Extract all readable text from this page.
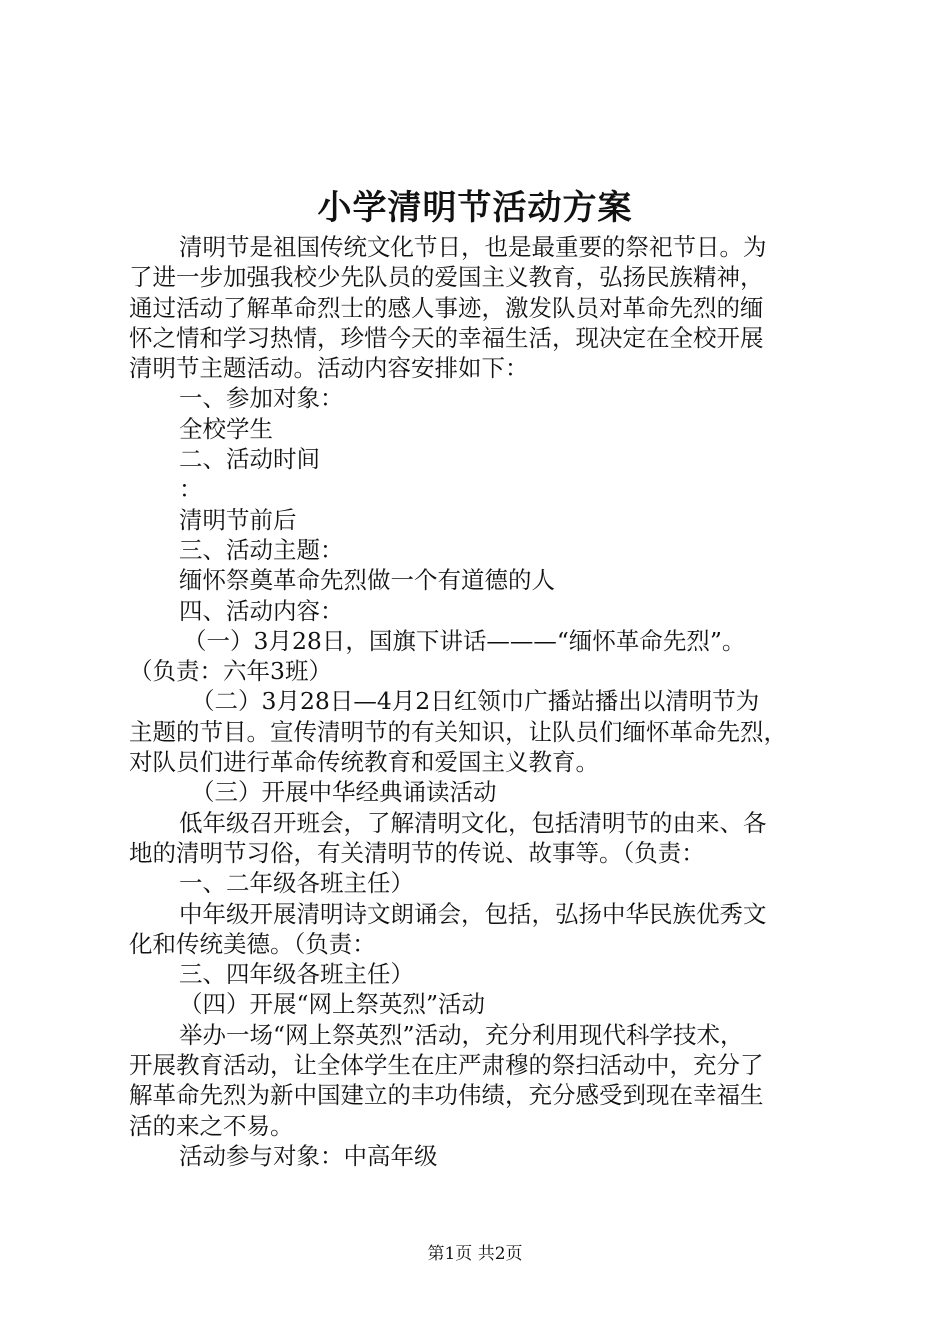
小学清明节活动方案
清明节是祖国传统文化节日，也是最重要的祭祀节日。为
了进一步加强我校少先队员的爱国主义教育，弘扬民族精神，
通过活动了解革命烈士的感人事迹，激发队员对革命先烈的缅
怀之情和学习热情，珍惜今天的幸福生活，现决定在全校开展
清明节主题活动。活动内容安排如下：
一、参加对象：
全校学生
二、活动时间
：
清明节前后
三、活动主题：
缅怀祭奠革命先烈做一个有道德的人
四、活动内容：
（一）3月28日，国旗下讲话———“缅怀革命先烈”。
（负责：六年3班）
（二）3月28日—4月2日红领巾广播站播出以清明节为
主题的节目。宣传清明节的有关知识，让队员们缅怀革命先烈，
对队员们进行革命传统教育和爱国主义教育。
（三）开展中华经典诵读活动
低年级召开班会，了解清明文化，包括清明节的由来、各
地的清明节习俗，有关清明节的传说、故事等。（负责：
一、二年级各班主任）
中年级开展清明诗文朗诵会，包括，弘扬中华民族优秀文
化和传统美德。（负责：
三、四年级各班主任）
（四）开展“网上祭英烈”活动
举办一场“网上祭英烈”活动，充分利用现代科学技术，
开展教育活动，让全体学生在庄严肃穆的祭扫活动中，充分了
解革命先烈为新中国建立的丰功伟绩，充分感受到现在幸福生
活的来之不易。
活动参与对象：中高年级
第1页 共2页
